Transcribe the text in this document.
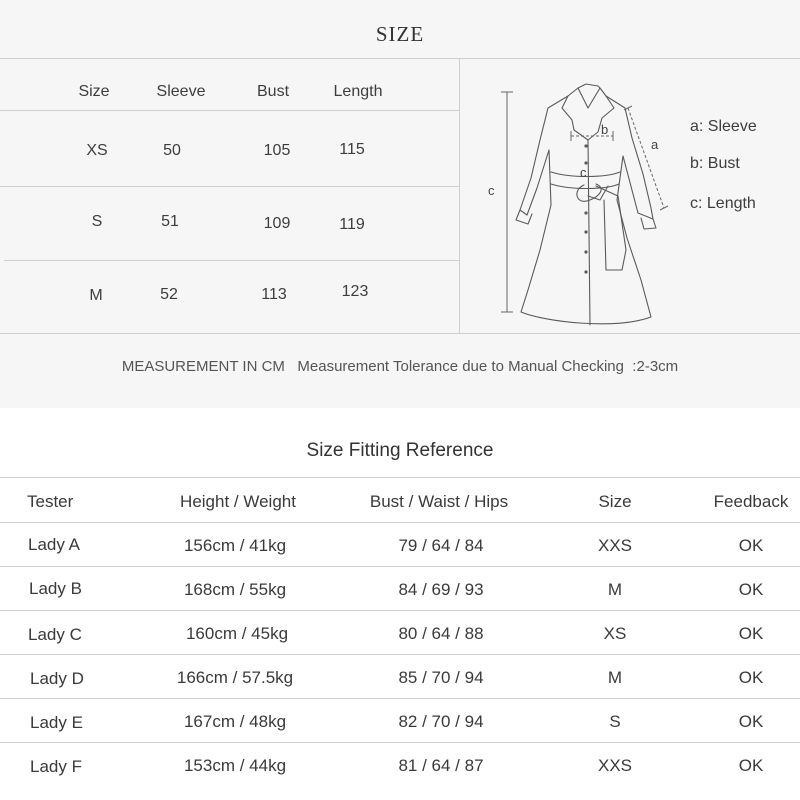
SIZE
Size	Sleeve	Bust	Length
XS	50	105	115
S	51	109	119
M	52	113	123
c
a
b
c
a: Sleeve
b: Bust
c: Length
MEASUREMENT IN CM   Measurement Tolerance due to Manual Checking  :2-3cm
Size Fitting Reference
Tester	Height / Weight	Bust / Waist / Hips	Size	Feedback
Lady A	156cm / 41kg	79 / 64 / 84	XXS	OK
Lady B	168cm / 55kg	84 / 69 / 93	M	OK
Lady C	160cm / 45kg	80 / 64 / 88	XS	OK
Lady D	166cm / 57.5kg	85 / 70 / 94	M	OK
Lady E	167cm / 48kg	82 / 70 / 94	S	OK
Lady F	153cm / 44kg	81 / 64 / 87	XXS	OK
